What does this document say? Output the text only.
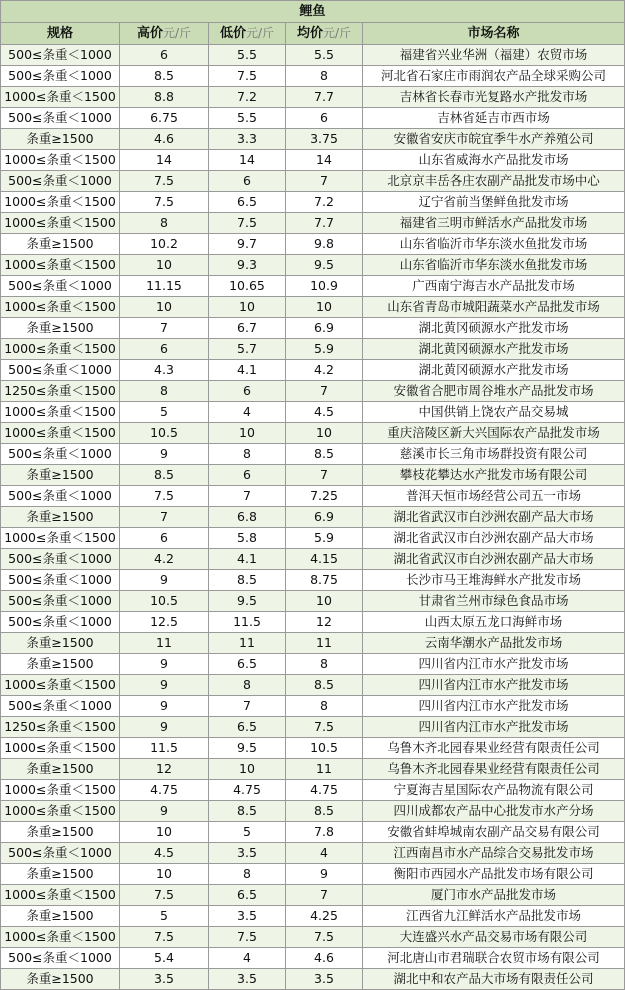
鲤鱼				
规格	高价元/斤	低价元/斤	均价元/斤	市场名称
500≤条重＜1000	6	5.5	5.5	福建省兴业华洲（福建）农贸市场
500≤条重＜1000	8.5	7.5	8	河北省石家庄市雨润农产品全球采购公司
1000≤条重＜1500	8.8	7.2	7.7	吉林省长春市光复路水产批发市场
500≤条重＜1000	6.75	5.5	6	吉林省延吉市西市场
条重≥1500	4.6	3.3	3.75	安徽省安庆市皖宜季牛水产养殖公司
1000≤条重＜1500	14	14	14	山东省威海水产品批发市场
500≤条重＜1000	7.5	6	7	北京京丰岳各庄农副产品批发市场中心
1000≤条重＜1500	7.5	6.5	7.2	辽宁省前当堡鲜鱼批发市场
1000≤条重＜1500	8	7.5	7.7	福建省三明市鲜活水产品批发市场
条重≥1500	10.2	9.7	9.8	山东省临沂市华东淡水鱼批发市场
1000≤条重＜1500	10	9.3	9.5	山东省临沂市华东淡水鱼批发市场
500≤条重＜1000	11.15	10.65	10.9	广西南宁海吉水产品批发市场
1000≤条重＜1500	10	10	10	山东省青岛市城阳蔬菜水产品批发市场
条重≥1500	7	6.7	6.9	湖北黄冈硕源水产批发市场
1000≤条重＜1500	6	5.7	5.9	湖北黄冈硕源水产批发市场
500≤条重＜1000	4.3	4.1	4.2	湖北黄冈硕源水产批发市场
1250≤条重＜1500	8	6	7	安徽省合肥市周谷堆水产品批发市场
1000≤条重＜1500	5	4	4.5	中国供销上饶农产品交易城
1000≤条重＜1500	10.5	10	10	重庆涪陵区新大兴国际农产品批发市场
500≤条重＜1000	9	8	8.5	慈溪市长三角市场群投资有限公司
条重≥1500	8.5	6	7	攀枝花攀达水产批发市场有限公司
500≤条重＜1000	7.5	7	7.25	普洱天恒市场经营公司五一市场
条重≥1500	7	6.8	6.9	湖北省武汉市白沙洲农副产品大市场
1000≤条重＜1500	6	5.8	5.9	湖北省武汉市白沙洲农副产品大市场
500≤条重＜1000	4.2	4.1	4.15	湖北省武汉市白沙洲农副产品大市场
500≤条重＜1000	9	8.5	8.75	长沙市马王堆海鲜水产批发市场
500≤条重＜1000	10.5	9.5	10	甘肃省兰州市绿色食品市场
500≤条重＜1000	12.5	11.5	12	山西太原五龙口海鲜市场
条重≥1500	11	11	11	云南华潮水产品批发市场
条重≥1500	9	6.5	8	四川省内江市水产批发市场
1000≤条重＜1500	9	8	8.5	四川省内江市水产批发市场
500≤条重＜1000	9	7	8	四川省内江市水产批发市场
1250≤条重＜1500	9	6.5	7.5	四川省内江市水产批发市场
1000≤条重＜1500	11.5	9.5	10.5	乌鲁木齐北园春果业经营有限责任公司
条重≥1500	12	10	11	乌鲁木齐北园春果业经营有限责任公司
1000≤条重＜1500	4.75	4.75	4.75	宁夏海吉星国际农产品物流有限公司
1000≤条重＜1500	9	8.5	8.5	四川成都农产品中心批发市水产分场
条重≥1500	10	5	7.8	安徽省蚌埠城南农副产品交易有限公司
500≤条重＜1000	4.5	3.5	4	江西南昌市水产品综合交易批发市场
条重≥1500	10	8	9	衡阳市西园水产品批发市场有限公司
1000≤条重＜1500	7.5	6.5	7	厦门市水产品批发市场
条重≥1500	5	3.5	4.25	江西省九江鲜活水产品批发市场
1000≤条重＜1500	7.5	7.5	7.5	大连盛兴水产品交易市场有限公司
500≤条重＜1000	5.4	4	4.6	河北唐山市君瑞联合农贸市场有限公司
条重≥1500	3.5	3.5	3.5	湖北中和农产品大市场有限责任公司
